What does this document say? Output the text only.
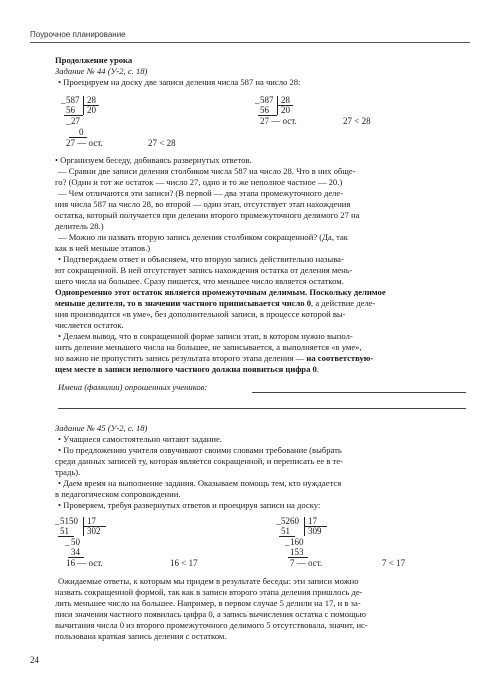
Поурочное планирование
Продолжение урока
Задание № 44 (У-2, с. 18)
• Проецируем на доску две записи деления числа 587 на число 28:
_ 587 28
56 20
_ 27
0
27 — ост.	27 < 28
_ 587 28
56 20
27 — ост.	27 < 28
• Организуем беседу, добиваясь развернутых ответов.
— Сравни две записи деления столбиком числа 587 на число 28. Что в них обще-
го? (Один и тот же остаток — число 27, одно и то же неполное частное — 20.)
— Чем отличаются эти записи? (В первой — два этапа промежуточного деле-
ния числа 587 на число 28, во второй — один этап, отсутствует этап нахождения
остатка, который получается при делении второго промежуточного делимого 27 на
делитель 28.)
— Можно ли назвать вторую запись деления столбиком сокращенной? (Да, так
как в ней меньше этапов.)
• Подтверждаем ответ и объясняем, что вторую запись действительно называ-
ют сокращенной. В ней отсутствует запись нахождения остатка от деления мень-
шего числа на большее. Сразу пишется, что меньшее число является остатком.
Одновременно этот остаток является промежуточным делимым. Поскольку делимое
меньше делителя, то в значении частного приписывается число 0, а действие деле-
ния производится «в уме», без дополнительной записи, в процессе которой вы-
числяется остаток.
• Делаем вывод, что в сокращенной форме записи этап, в котором нужно выпол-
нить деление меньшего числа на большее, не записывается, а выполняется «в уме»,
но важно не пропустить запись результата второго этапа деления — на соответствую-
щем месте в записи неполного частного должна появиться цифра 0.
Имена (фамилии) опрошенных учеников:
Задание № 45 (У-2, с. 18)
• Учащиеся самостоятельно читают задание.
• По предложению учителя озвучивают своими словами требование (выбрать
среди данных записей ту, которая является сокращенной, и переписать ее в те-
традь).
• Даем время на выполнение задания. Оказываем помощь тем, кто нуждается
в педагогическом сопровождении.
• Проверяем, требуя развернутых ответов и проецируя записи на доску:
_ 5150 17
51 302
_ 50
34
16 — ост.	16 < 17
_ 5260 17
51 309
_ 160
153
7 — ост.	7 < 17
Ожидаемые ответы, к которым мы придем в результате беседы: эти записи можно
назвать сокращенной формой, так как в записи второго этапа деления пришлось де-
лить меньшее число на большее. Например, в первом случае 5 делили на 17, и в за-
писи значения частного появилась цифра 0, а запись вычисления остатка с помощью
вычитания числа 0 из второго промежуточного делимого 5 отсутствовала, значит, ис-
пользована краткая запись деления с остатком.
24
